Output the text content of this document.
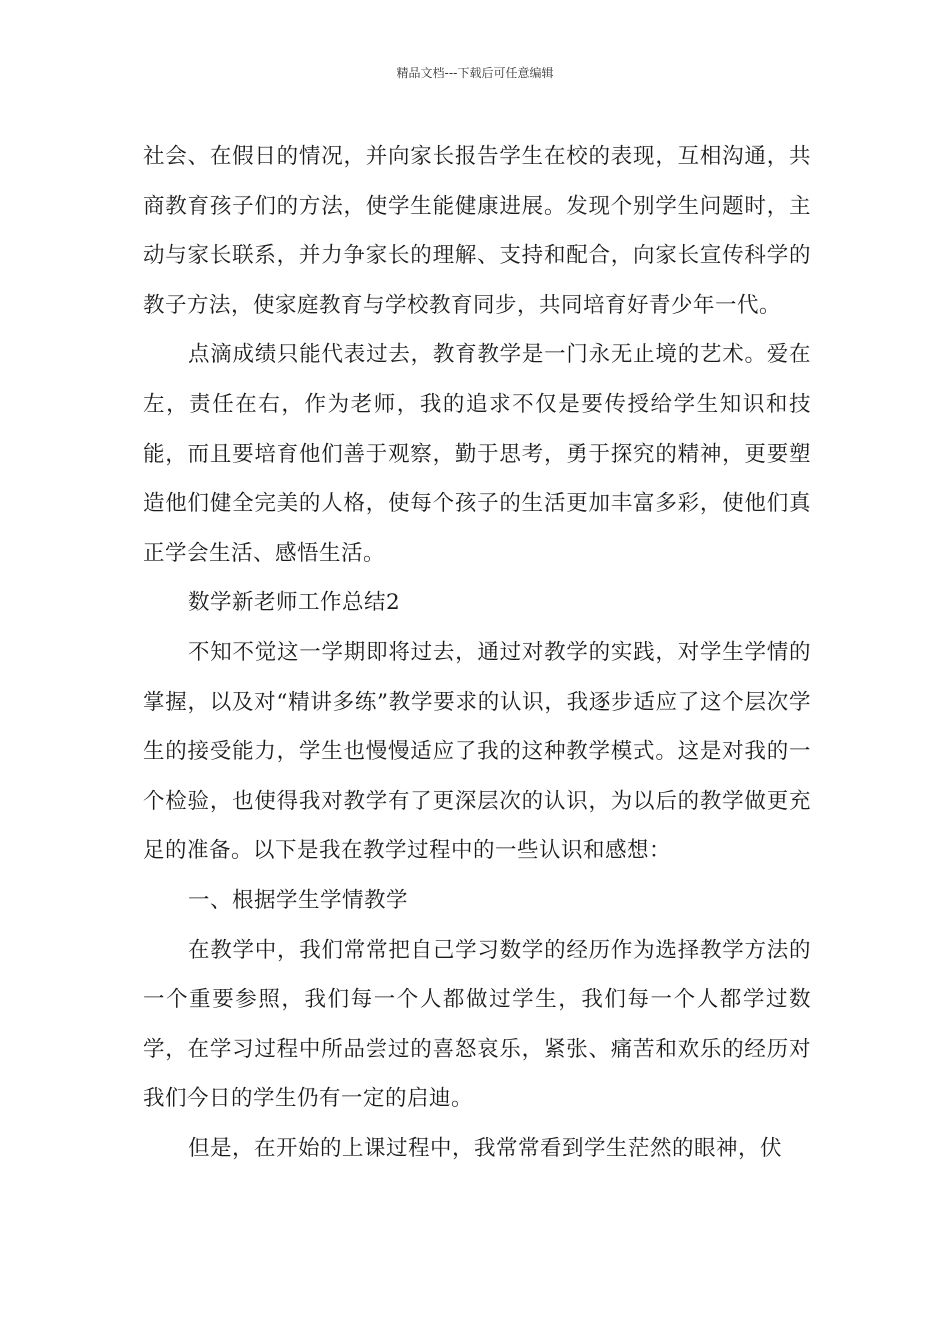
精品文档---下载后可任意编辑

社会、在假日的情况，并向家长报告学生在校的表现，互相沟通，共商教育孩子们的方法，使学生能健康进展。发现个别学生问题时，主动与家长联系，并力争家长的理解、支持和配合，向家长宣传科学的教子方法，使家庭教育与学校教育同步，共同培育好青少年一代。

点滴成绩只能代表过去，教育教学是一门永无止境的艺术。爱在左，责任在右，作为老师，我的追求不仅是要传授给学生知识和技能，而且要培育他们善于观察，勤于思考，勇于探究的精神，更要塑造他们健全完美的人格，使每个孩子的生活更加丰富多彩，使他们真正学会生活、感悟生活。

数学新老师工作总结2

不知不觉这一学期即将过去，通过对教学的实践，对学生学情的掌握，以及对“精讲多练”教学要求的认识，我逐步适应了这个层次学生的接受能力，学生也慢慢适应了我的这种教学模式。这是对我的一个检验，也使得我对教学有了更深层次的认识，为以后的教学做更充足的准备。以下是我在教学过程中的一些认识和感想：

一、根据学生学情教学

在教学中，我们常常把自己学习数学的经历作为选择教学方法的一个重要参照，我们每一个人都做过学生，我们每一个人都学过数学，在学习过程中所品尝过的喜怒哀乐，紧张、痛苦和欢乐的经历对我们今日的学生仍有一定的启迪。

但是，在开始的上课过程中，我常常看到学生茫然的眼神，伏
